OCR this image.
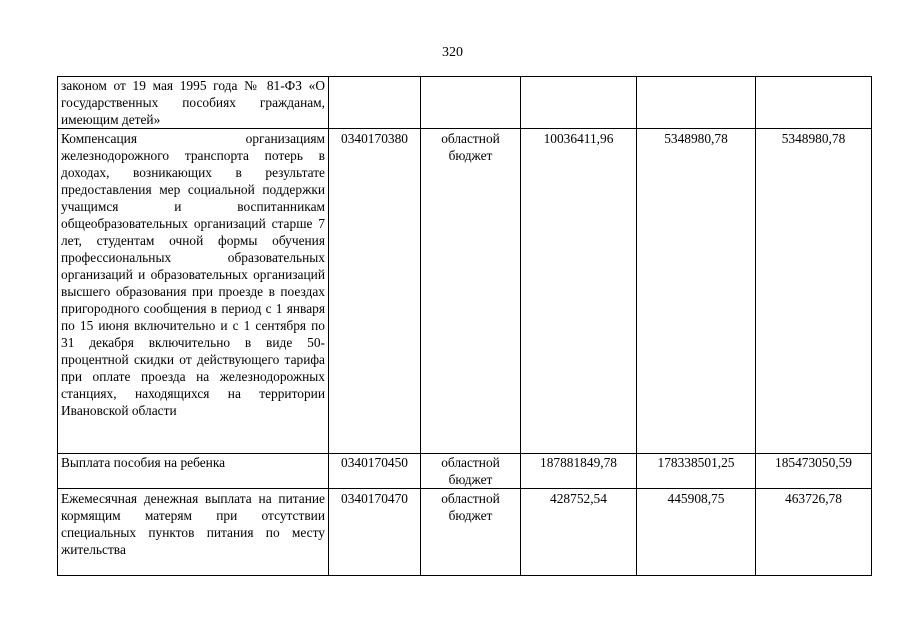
320
законом от 19 мая 1995 года № 81-ФЗ «О государственных пособиях гражданам, имеющим детей»					
Компенсация организациям железнодорожного транспорта потерь в доходах, возникающих в результате предоставления мер социальной поддержки учащимся и воспитанникам общеобразовательных организаций старше 7 лет, студентам очной формы обучения профессиональных образовательных организаций и образовательных организаций высшего образования при проезде в поездах пригородного сообщения в период с 1 января по 15 июня включительно и с 1 сентября по 31 декабря включительно в виде 50-процентной скидки от действующего тарифа при оплате проезда на железнодорожных станциях, находящихся на территории Ивановской области	0340170380	областной бюджет	10036411,96	5348980,78	5348980,78
Выплата пособия на ребенка	0340170450	областной бюджет	187881849,78	178338501,25	185473050,59
Ежемесячная денежная выплата на питание кормящим матерям при отсутствии специальных пунктов питания по месту жительства	0340170470	областной бюджет	428752,54	445908,75	463726,78
